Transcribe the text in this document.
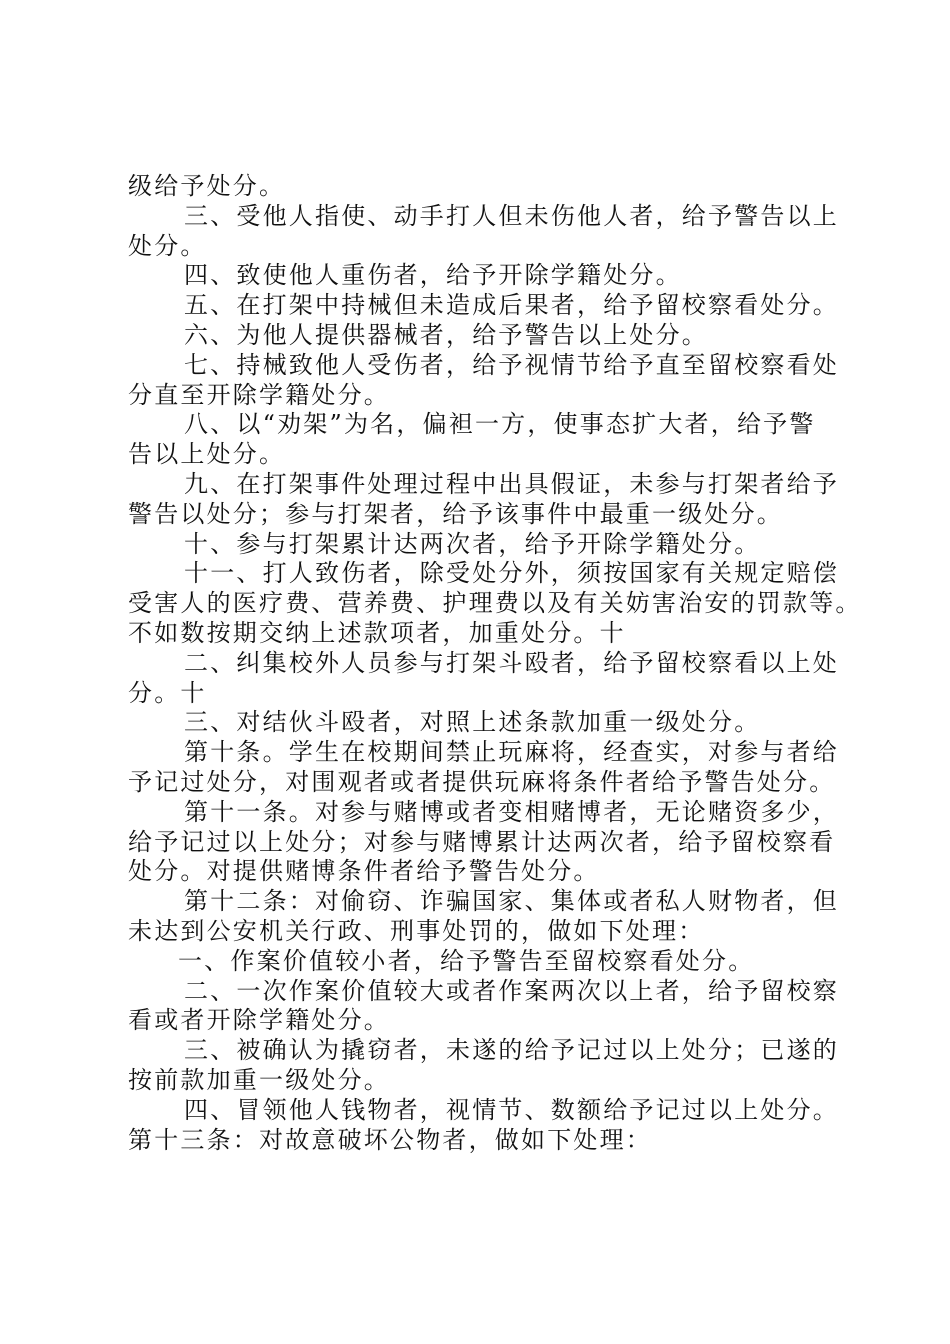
级给予处分。
三、受他人指使、动手打人但未伤他人者，给予警告以上
处分。
四、致使他人重伤者，给予开除学籍处分。
五、在打架中持械但未造成后果者，给予留校察看处分。
六、为他人提供器械者，给予警告以上处分。
七、持械致他人受伤者，给予视情节给予直至留校察看处
分直至开除学籍处分。
八、以“劝架”为名，偏袒一方，使事态扩大者，给予警
告以上处分。
九、在打架事件处理过程中出具假证，未参与打架者给予
警告以处分；参与打架者，给予该事件中最重一级处分。
十、参与打架累计达两次者，给予开除学籍处分。
十一、打人致伤者，除受处分外，须按国家有关规定赔偿
受害人的医疗费、营养费、护理费以及有关妨害治安的罚款等。
不如数按期交纳上述款项者，加重处分。十
二、纠集校外人员参与打架斗殴者，给予留校察看以上处
分。十
三、对结伙斗殴者，对照上述条款加重一级处分。
第十条。学生在校期间禁止玩麻将，经查实，对参与者给
予记过处分，对围观者或者提供玩麻将条件者给予警告处分。
第十一条。对参与赌博或者变相赌博者，无论赌资多少，
给予记过以上处分；对参与赌博累计达两次者，给予留校察看
处分。对提供赌博条件者给予警告处分。
第十二条：对偷窃、诈骗国家、集体或者私人财物者，但
未达到公安机关行政、刑事处罚的，做如下处理：
一、作案价值较小者，给予警告至留校察看处分。
二、一次作案价值较大或者作案两次以上者，给予留校察
看或者开除学籍处分。
三、被确认为撬窃者，未遂的给予记过以上处分；已遂的
按前款加重一级处分。
四、冒领他人钱物者，视情节、数额给予记过以上处分。
第十三条：对故意破坏公物者，做如下处理：
